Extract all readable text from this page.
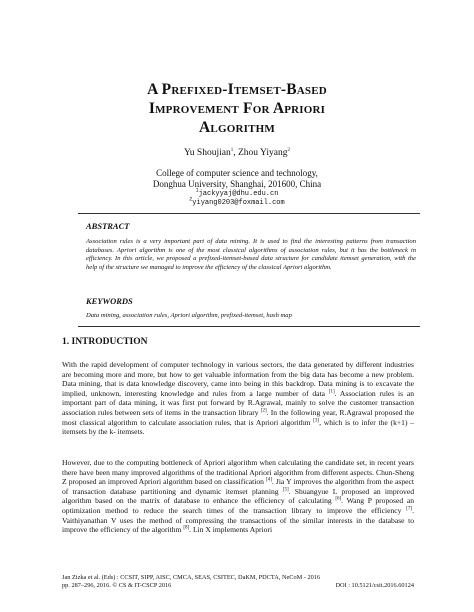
A Prefixed-Itemset-Based
Improvement For Apriori
Algorithm
Yu Shoujian$^1$, Zhou Yiyang$^2$
College of computer science and technology,
Donghua University, Shanghai, 201600, China
$^1$jackyyaj@dhu.edu.cn
$^2$yiyang0203@foxmail.com
ABSTRACT
Association rules is a very important part of data mining. It is used to find the interesting patterns from transaction databases. Apriori algorithm is one of the most classical algorithms of association rules, but it has the bottleneck in efficiency. In this article, we proposed a prefixed-itemset-based data structure for candidate itemset generation, with the help of the structure we managed to improve the efficiency of the classical Apriori algorithm.
KEYWORDS
Data mining, association rules, Apriori algorithm, prefixed-itemset, hash map
1. INTRODUCTION
With the rapid development of computer technology in various sectors, the data generated by different industries are becoming more and more, but how to get valuable information from the big data has become a new problem. Data mining, that is data knowledge discovery, came into being in this backdrop. Data mining is to excavate the implied, unknown, interesting knowledge and rules from a large number of data [1]. Association rules is an important part of data mining, it was first put forward by R.Agrawal, mainly to solve the customer transaction association rules between sets of items in the transaction library [2]. In the following year, R.Agrawal proposed the most classical algorithm to calculate association rules, that is Apriori algorithm [3], which is to infer the (k+1) – itemsets by the k- itemsets.
However, due to the computing bottleneck of Apriori algorithm when calculating the candidate set, in recent years there have been many improved algorithms of the traditional Apriori algorithm from different aspects. Chun-Sheng Z proposed an improved Apriori algorithm based on classification [4]. Jia Y improves the algorithm from the aspect of transaction database partitioning and dynamic itemset planning [5]. Shuangyue L proposed an improved algorithm based on the matrix of database to enhance the efficiency of calculating [6]. Wang P proposed an optimization method to reduce the search times of the transaction library to improve the efficiency [7]. Vaithiyanathan V uses the method of compressing the transactions of the similar interests in the database to improve the efficiency of the algorithm [8]. Lin X implements Apriori
Jan Zizka et al. (Eds) : CCSIT, SIPP, AISC, CMCA, SEAS, CSITEC, DaKM, PDCTA, NeCoM - 2016
pp. 287–296, 2016. © CS & IT-CSCP 2016	DOI : 10.5121/csit.2016.60124
